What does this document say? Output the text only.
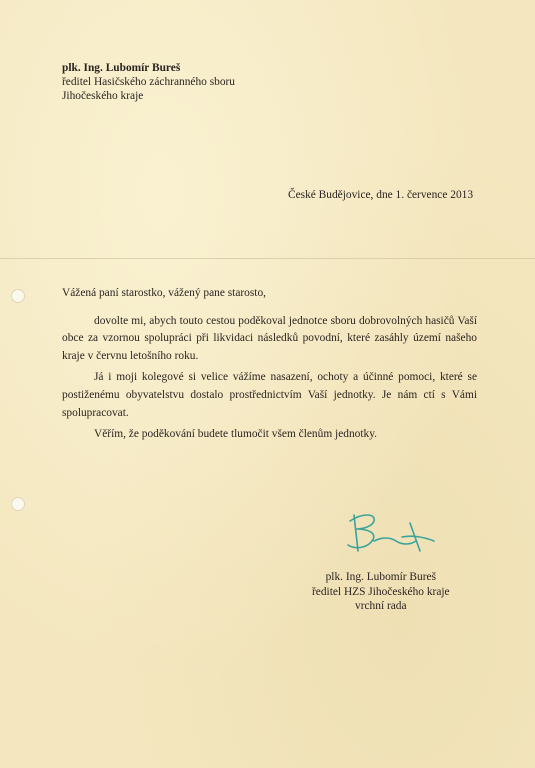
plk. Ing. Lubomír Bureš
ředitel Hasičského záchranného sboru
Jihočeského kraje
České Budějovice, dne 1. července 2013
Vážená paní starostko, vážený pane starosto,

dovolte mi, abych touto cestou poděkoval jednotce sboru dobrovolných hasičů Vaší obce za vzornou spolupráci při likvidaci následků povodní, které zasáhly území našeho kraje v červnu letošního roku.

Já i moji kolegové si velice vážíme nasazení, ochoty a účinné pomoci, které se postiženému obyvatelstvu dostalo prostřednictvím Vaší jednotky. Je nám ctí s Vámi spolupracovat.

Věřím, že poděkování budete tlumočit všem členům jednotky.

plk. Ing. Lubomír Bureš
ředitel HZS Jihočeského kraje
vrchní rada
